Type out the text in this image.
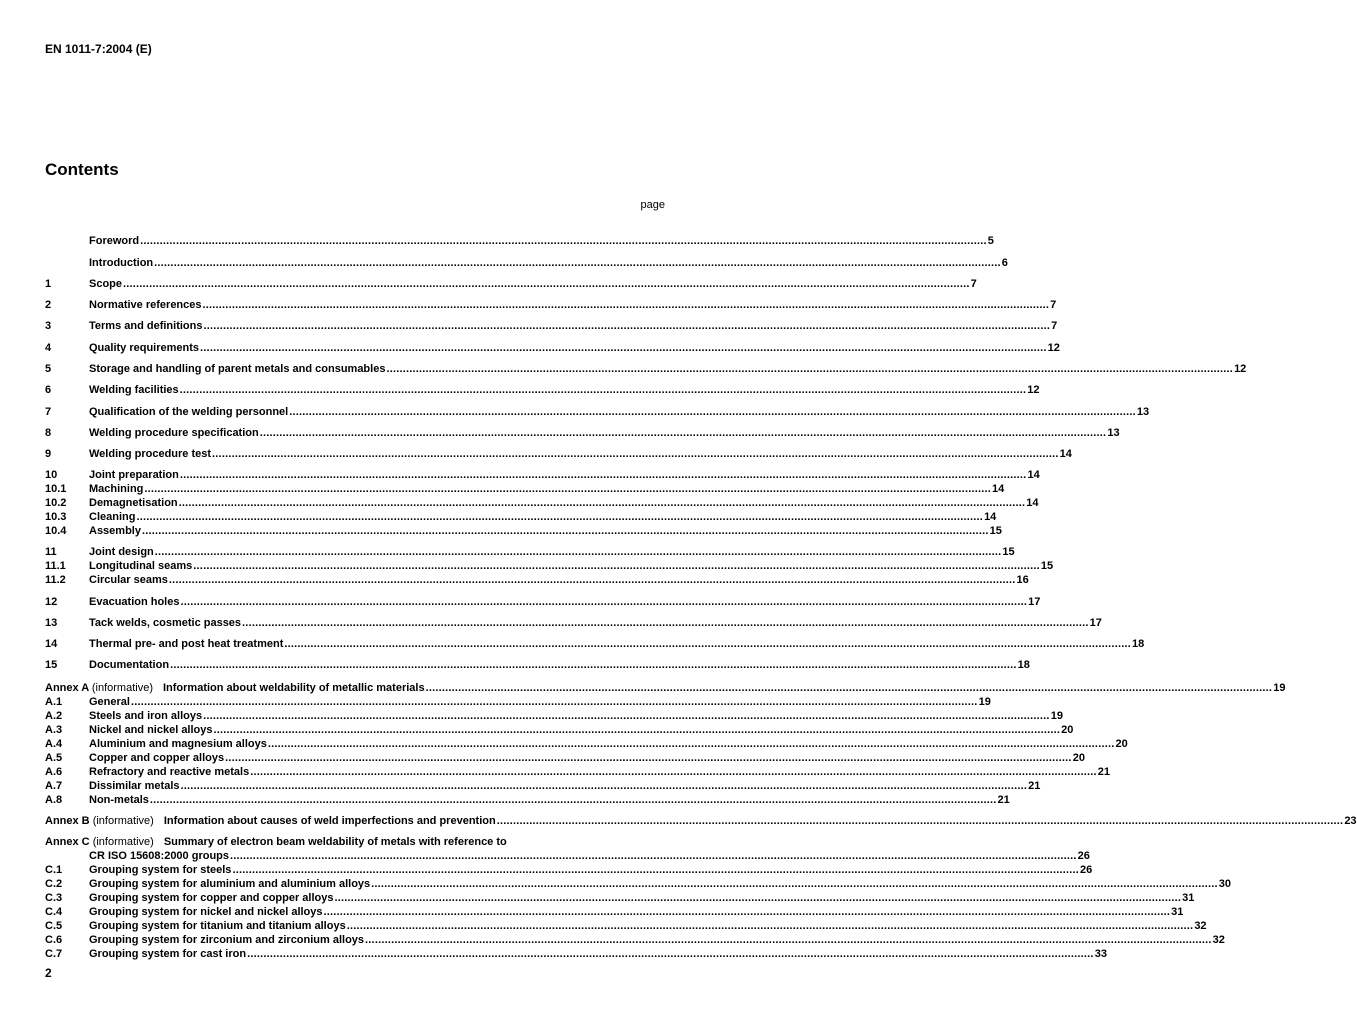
EN 1011-7:2004 (E)
Contents
page
Foreword .....	5
Introduction .....	6
1	Scope .....	7
2	Normative references .....	7
3	Terms and definitions .....	7
4	Quality requirements .....	12
5	Storage and handling of parent metals and consumables .....	12
6	Welding facilities .....	12
7	Qualification of the welding personnel .....	13
8	Welding procedure specification .....	13
9	Welding procedure test .....	14
10	Joint preparation .....	14
10.1	Machining .....	14
10.2	Demagnetisation .....	14
10.3	Cleaning .....	14
10.4	Assembly .....	15
11	Joint design .....	15
11.1	Longitudinal seams .....	15
11.2	Circular seams .....	16
12	Evacuation holes .....	17
13	Tack welds, cosmetic passes .....	17
14	Thermal pre- and post heat treatment .....	18
15	Documentation .....	18
Annex A (informative) Information about weldability of metallic materials .....	19
A.1	General .....	19
A.2	Steels and iron alloys .....	19
A.3	Nickel and nickel alloys .....	20
A.4	Aluminium and magnesium alloys .....	20
A.5	Copper and copper alloys .....	20
A.6	Refractory and reactive metals .....	21
A.7	Dissimilar metals .....	21
A.8	Non-metals .....	21
Annex B (informative) Information about causes of weld imperfections and prevention .....	23
Annex C (informative) Summary of electron beam weldability of metals with reference to
CR ISO 15608:2000 groups .....	26
C.1	Grouping system for steels .....	26
C.2	Grouping system for aluminium and aluminium alloys .....	30
C.3	Grouping system for copper and copper alloys .....	31
C.4	Grouping system for nickel and nickel alloys .....	31
C.5	Grouping system for titanium and titanium alloys .....	32
C.6	Grouping system for zirconium and zirconium alloys .....	32
C.7	Grouping system for cast iron .....	33
2
